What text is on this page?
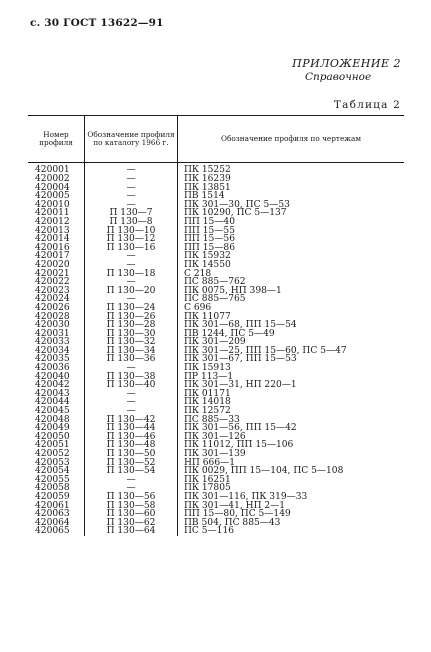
с. 30 ГОСТ 13622—91
ПРИЛОЖЕНИЕ 2
Справочное
Таблица 2
Номер профиля	Обозначение профиля по каталогу 1966 г.	Обозначение профиля по чертежам
420001	—	ПК 15252
420002	—	ПК 16239
420004	—	ПК 13851
420005	—	ПВ 1514
420010	—	ПК 301—30, ПС 5—53
420011	П 130—7	ПК 10290, ПС 5—137
420012	П 130—8	ПП 15—40
420013	П 130—10	ПП 15—55
420014	П 130—12	ПП 15—56
420016	П 130—16	ПП 15—86
420017	—	ПК 15932
420020	—	ПК 14550
420021	П 130—18	С 218
420022	—	ПС 885—762
420023	П 130—20	ПК 0075, НП 398—1
420024	—	ПС 885—765
420026	П 130—24	С 696
420028	П 130—26	ПК 11077
420030	П 130—28	ПК 301—68, ПП 15—54
420031	П 130—30	ПВ 1244, ПС 5—49
420033	П 130—32	ПК 301—209
420034	П 130—34	ПК 301—25, ПП 15—60, ПС 5—47
420035	П 130—36	ПК 301—67, ПП 15—53
420036	—	ПК 15913
420040	П 130—38	ПР 113—1
420042	П 130—40	ПК 301—31, НП 220—1
420043	—	ПК 01171
420044	—	ПК 14018
420045	—	ПК 12572
420048	П 130—42	ПС 885—33
420049	П 130—44	ПК 301—56, ПП 15—42
420050	П 130—46	ПК 301—126
420051	П 130—48	ПК 11012, ПП 15—106
420052	П 130—50	ПК 301—139
420053	П 130—52	НП 666—1
420054	П 130—54	ПК 0029, ПП 15—104, ПС 5—108
420055	—	ПК 16251
420058	—	ПК 17805
420059	П 130—56	ПК 301—116, ПК 319—33
420061	П 130—58	ПК 301—41, НП 2—1
420063	П 130—60	ПП 15—80, ПС 5—149
420064	П 130—62	ПВ 504, ПС 885—43
420065	П 130—64	ПС 5—116
